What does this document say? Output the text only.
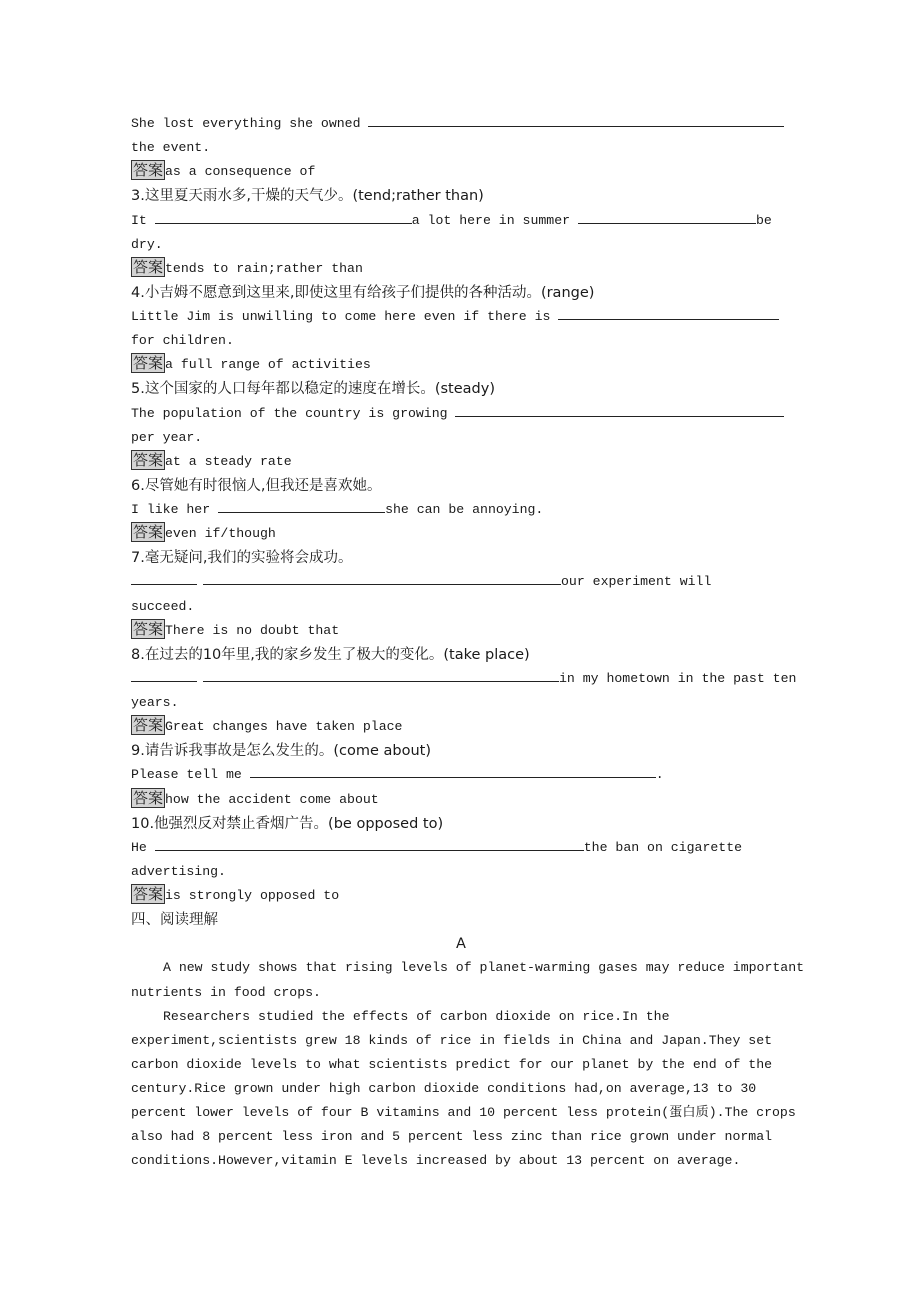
She lost everything she owned
the event.
答案 as a consequence of
3.这里夏天雨水多,干燥的天气少。(tend;rather than)
It	a lot here in summer	be
dry.
答案 tends to rain;rather than
4.小吉姆不愿意到这里来,即使这里有给孩子们提供的各种活动。(range)
Little Jim is unwilling to come here even if there is
for children.
答案 a full range of activities
5.这个国家的人口每年都以稳定的速度在增长。(steady)
The population of the country is growing
per year.
答案 at a steady rate
6.尽管她有时很恼人,但我还是喜欢她。
I like her	she can be annoying.
答案 even if/though
7.毫无疑问,我们的实验将会成功。
our experiment will
succeed.
答案 There is no doubt that
8.在过去的10年里,我的家乡发生了极大的变化。(take place)
in my hometown in the past ten
years.
答案 Great changes have taken place
9.请告诉我事故是怎么发生的。(come about)
Please tell me	.
答案 how the accident come about
10.他强烈反对禁止香烟广告。(be opposed to)
He	the ban on cigarette
advertising.
答案 is strongly opposed to
四、阅读理解
A
A new study shows that rising levels of planet-warming gases may reduce important
nutrients in food crops.
Researchers studied the effects of carbon dioxide on rice.In the
experiment,scientists grew 18 kinds of rice in fields in China and Japan.They set
carbon dioxide levels to what scientists predict for our planet by the end of the
century.Rice grown under high carbon dioxide conditions had,on average,13 to 30
percent lower levels of four B vitamins and 10 percent less protein(蛋白质).The crops
also had 8 percent less iron and 5 percent less zinc than rice grown under normal
conditions.However,vitamin E levels increased by about 13 percent on average.
